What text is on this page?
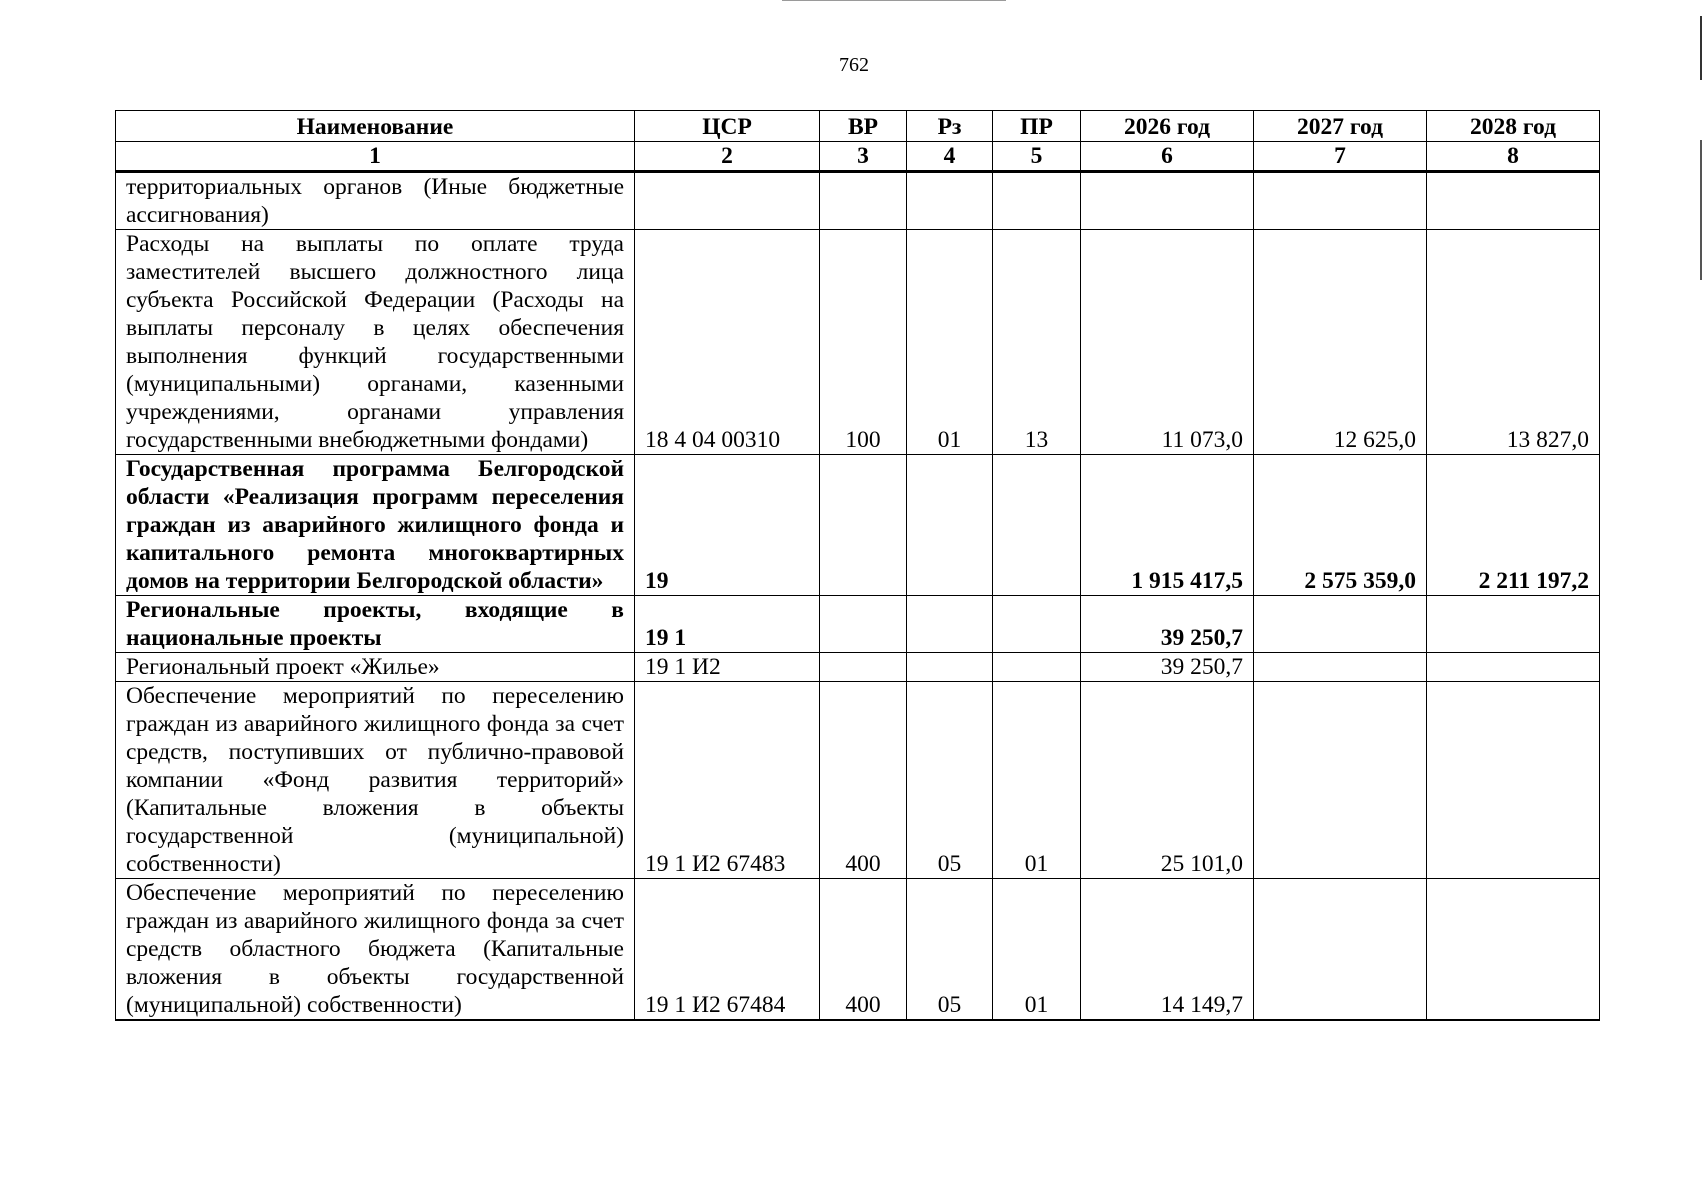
762
Наименование	ЦСР	ВР	Рз	ПР	2026 год	2027 год	2028 год
1	2	3	4	5	6	7	8
территориальных органов (Иные бюджетные ассигнования)							
Расходы на выплаты по оплате труда заместителей высшего должностного лица субъекта Российской Федерации (Расходы на выплаты персоналу в целях обеспечения выполнения функций государственными (муниципальными) органами, казенными учреждениями, органами управления государственными внебюджетными фондами)	18 4 04 00310	100	01	13	11 073,0	12 625,0	13 827,0
Государственная программа Белгородской области «Реализация программ переселения граждан из аварийного жилищного фонда и капитального ремонта многоквартирных домов на территории Белгородской области»	19				1 915 417,5	2 575 359,0	2 211 197,2
Региональные проекты, входящие в национальные проекты	19 1				39 250,7		
Региональный проект «Жилье»	19 1 И2				39 250,7		
Обеспечение мероприятий по переселению граждан из аварийного жилищного фонда за счет средств, поступивших от публично-правовой компании «Фонд развития территорий» (Капитальные вложения в объекты государственной (муниципальной) собственности)	19 1 И2 67483	400	05	01	25 101,0		
Обеспечение мероприятий по переселению граждан из аварийного жилищного фонда за счет средств областного бюджета (Капитальные вложения в объекты государственной (муниципальной) собственности)	19 1 И2 67484	400	05	01	14 149,7		
